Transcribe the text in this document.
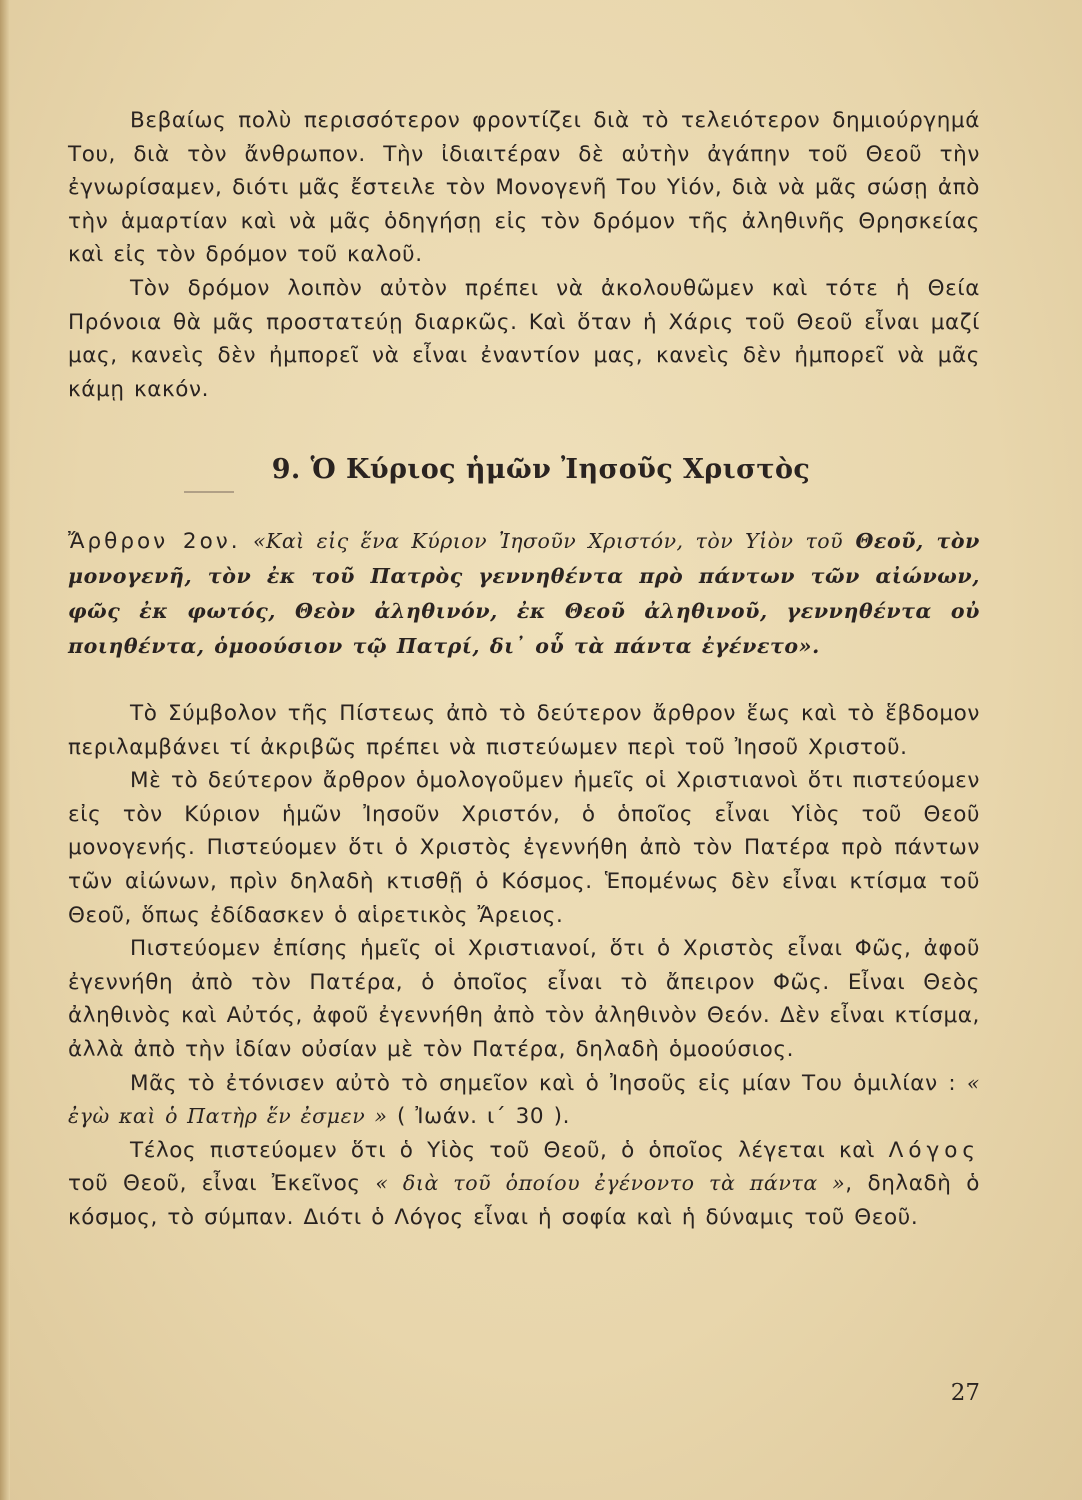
Βεβαίως πολὺ περισσότερον φροντίζει διὰ τὸ τελειότερον δημιούργημά Του, διὰ τὸν ἄνθρωπον. Τὴν ἰδιαιτέραν δὲ αὐτὴν ἀγάπην τοῦ Θεοῦ τὴν ἐγνωρίσαμεν, διότι μᾶς ἔστειλε τὸν Μονογενῆ Του Υἱόν, διὰ νὰ μᾶς σώσῃ ἀπὸ τὴν ἁμαρτίαν καὶ νὰ μᾶς ὁδηγήσῃ εἰς τὸν δρόμον τῆς ἀληθινῆς Θρησκείας καὶ εἰς τὸν δρόμον τοῦ καλοῦ.

Τὸν δρόμον λοιπὸν αὐτὸν πρέπει νὰ ἀκολουθῶμεν καὶ τότε ἡ Θεία Πρόνοια θὰ μᾶς προστατεύῃ διαρκῶς. Καὶ ὅταν ἡ Χάρις τοῦ Θεοῦ εἶναι μαζί μας, κανεὶς δὲν ἠμπορεῖ νὰ εἶναι ἐναντίον μας, κανεὶς δὲν ἠμπορεῖ νὰ μᾶς κάμῃ κακόν.

9. Ὁ Κύριος ἡμῶν Ἰησοῦς Χριστὸς

Ἄρθρον 2ον. «Καὶ εἰς ἕνα Κύριον Ἰησοῦν Χριστόν, τὸν Υἱὸν τοῦ Θεοῦ, τὸν μονογενῆ, τὸν ἐκ τοῦ Πατρὸς γεννηθέντα πρὸ πάντων τῶν αἰώνων, φῶς ἐκ φωτός, Θεὸν ἀληθινόν, ἐκ Θεοῦ ἀληθινοῦ, γεννηθέντα οὐ ποιηθέντα, ὁμοούσιον τῷ Πατρί, δι᾿ οὗ τὰ πάντα ἐγένετο».

Τὸ Σύμβολον τῆς Πίστεως ἀπὸ τὸ δεύτερον ἄρθρον ἕως καὶ τὸ ἕβδομον περιλαμβάνει τί ἀκριβῶς πρέπει νὰ πιστεύωμεν περὶ τοῦ Ἰησοῦ Χριστοῦ.

Μὲ τὸ δεύτερον ἄρθρον ὁμολογοῦμεν ἡμεῖς οἱ Χριστιανοὶ ὅτι πιστεύομεν εἰς τὸν Κύριον ἡμῶν Ἰησοῦν Χριστόν, ὁ ὁποῖος εἶναι Υἱὸς τοῦ Θεοῦ μονογενής. Πιστεύομεν ὅτι ὁ Χριστὸς ἐγεννήθη ἀπὸ τὸν Πατέρα πρὸ πάντων τῶν αἰώνων, πρὶν δηλαδὴ κτισθῇ ὁ Κόσμος. Ἑπομένως δὲν εἶναι κτίσμα τοῦ Θεοῦ, ὅπως ἐδίδασκεν ὁ αἱρετικὸς Ἄρειος.

Πιστεύομεν ἐπίσης ἡμεῖς οἱ Χριστιανοί, ὅτι ὁ Χριστὸς εἶναι Φῶς, ἀφοῦ ἐγεννήθη ἀπὸ τὸν Πατέρα, ὁ ὁποῖος εἶναι τὸ ἄπειρον Φῶς. Εἶναι Θεὸς ἀληθινὸς καὶ Αὐτός, ἀφοῦ ἐγεννήθη ἀπὸ τὸν ἀληθινὸν Θεόν. Δὲν εἶναι κτίσμα, ἀλλὰ ἀπὸ τὴν ἰδίαν οὐσίαν μὲ τὸν Πατέρα, δηλαδὴ ὁμοούσιος.

Μᾶς τὸ ἐτόνισεν αὐτὸ τὸ σημεῖον καὶ ὁ Ἰησοῦς εἰς μίαν Του ὁμιλίαν : « ἐγὼ καὶ ὁ Πατὴρ ἕν ἐσμεν » ( Ἰωάν. ι΄ 30 ).

Τέλος πιστεύομεν ὅτι ὁ Υἱὸς τοῦ Θεοῦ, ὁ ὁποῖος λέγεται καὶ Λόγος τοῦ Θεοῦ, εἶναι Ἐκεῖνος « διὰ τοῦ ὁποίου ἐγένοντο τὰ πάντα », δηλαδὴ ὁ κόσμος, τὸ σύμπαν. Διότι ὁ Λόγος εἶναι ἡ σοφία καὶ ἡ δύναμις τοῦ Θεοῦ.

27
